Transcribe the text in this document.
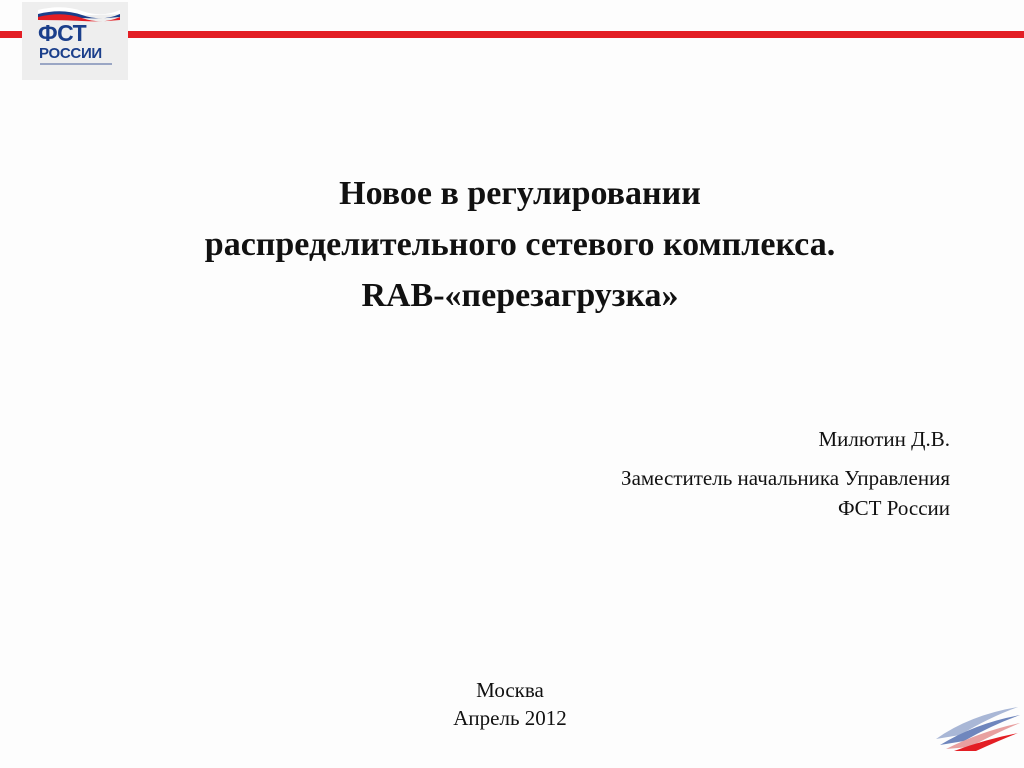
ФСТ
РОССИИ
Новое в регулировании
распределительного сетевого комплекса.
RAB-«перезагрузка»
Милютин Д.В.
Заместитель начальника Управления
ФСТ России
Москва
Апрель 2012
